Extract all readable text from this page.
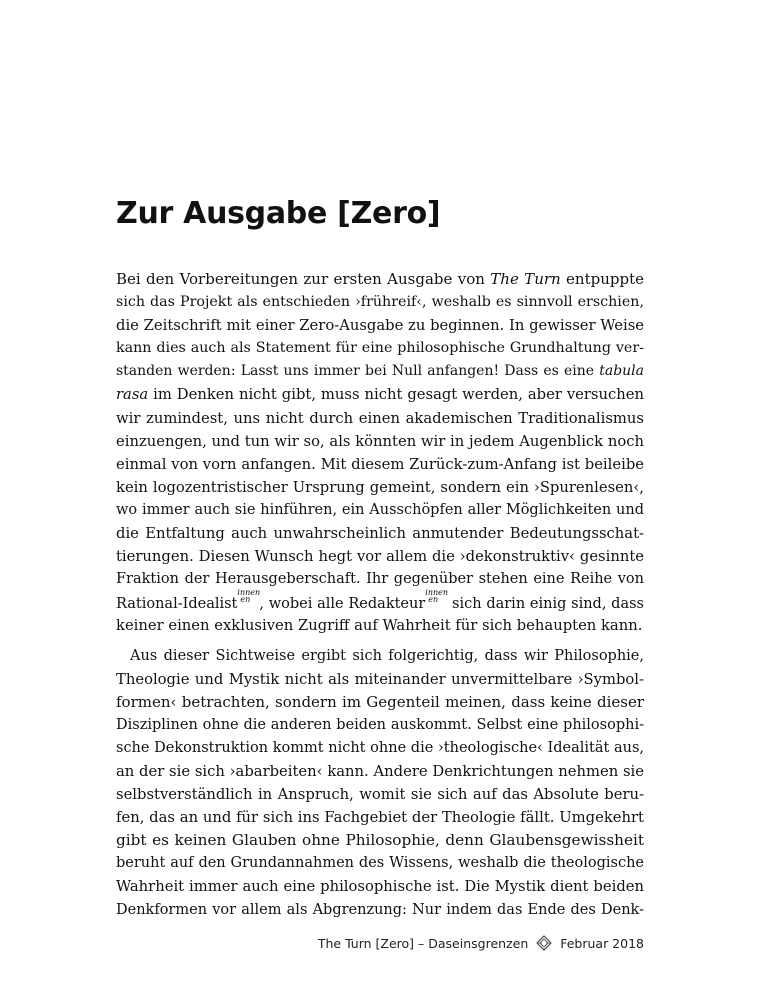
Zur Ausgabe [Zero]
Bei den Vorbereitungen zur ersten Ausgabe von The Turn entpuppte
sich das Projekt als entschieden ›frühreif‹, weshalb es sinnvoll erschien,
die Zeitschrift mit einer Zero-Ausgabe zu beginnen. In gewisser Weise
kann dies auch als Statement für eine philosophische Grundhaltung ver-
standen werden: Lasst uns immer bei Null anfangen! Dass es eine tabula
rasa im Denken nicht gibt, muss nicht gesagt werden, aber versuchen
wir zumindest, uns nicht durch einen akademischen Traditionalismus
einzuengen, und tun wir so, als könnten wir in jedem Augenblick noch
einmal von vorn anfangen. Mit diesem Zurück-zum-Anfang ist beileibe
kein logozentristischer Ursprung gemeint, sondern ein ›Spurenlesen‹,
wo immer auch sie hinführen, ein Ausschöpfen aller Möglichkeiten und
die Entfaltung auch unwahrscheinlich anmutender Bedeutungsschat-
tierungen. Diesen Wunsch hegt vor allem die ›dekonstruktiv‹ gesinnte
Fraktion der Herausgeberschaft. Ihr gegenüber stehen eine Reihe von
Rational-Idealist
innen
en , wobei alle Redakteur
innen
en sich darin einig sind, dass
keiner einen exklusiven Zugriff auf Wahrheit für sich behaupten kann.
Aus dieser Sichtweise ergibt sich folgerichtig, dass wir Philosophie,
Theologie und Mystik nicht als miteinander unvermittelbare ›Symbol-
formen‹ betrachten, sondern im Gegenteil meinen, dass keine dieser
Disziplinen ohne die anderen beiden auskommt. Selbst eine philosophi-
sche Dekonstruktion kommt nicht ohne die ›theologische‹ Idealität aus,
an der sie sich ›abarbeiten‹ kann. Andere Denkrichtungen nehmen sie
selbstverständlich in Anspruch, womit sie sich auf das Absolute beru-
fen, das an und für sich ins Fachgebiet der Theologie fällt. Umgekehrt
gibt es keinen Glauben ohne Philosophie, denn Glaubensgewissheit
beruht auf den Grundannahmen des Wissens, weshalb die theologische
Wahrheit immer auch eine philosophische ist. Die Mystik dient beiden
Denkformen vor allem als Abgrenzung: Nur indem das Ende des Denk-
The Turn [Zero] – Daseinsgrenzen	Februar 2018
